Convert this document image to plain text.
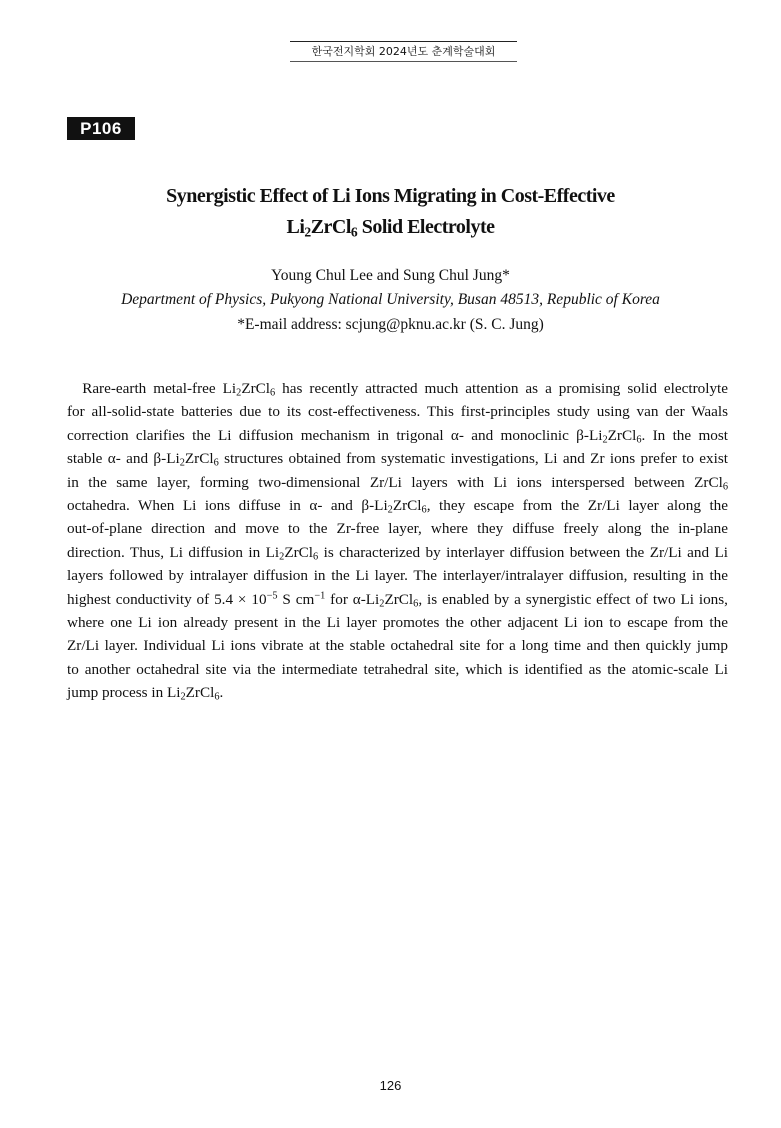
한국전지학회 2024년도 춘계학술대회
P106
Synergistic Effect of Li Ions Migrating in Cost-Effective
$Li_2ZrCl_6$ Solid Electrolyte
Young Chul Lee and Sung Chul Jung*
Department of Physics, Pukyong National University, Busan 48513, Republic of Korea
*E-mail address: scjung@pknu.ac.kr (S. C. Jung)
 Rare-earth metal-free $Li_2ZrCl_6$ has recently attracted much attention as a promising solid electrolyte
for all-solid-state batteries due to its cost-effectiveness. This first-principles study using van der Waals
correction clarifies the Li diffusion mechanism in trigonal α- and monoclinic $\beta-Li_2ZrCl_6$. In the most
stable α- and $\beta-Li_2ZrCl_6$ structures obtained from systematic investigations, Li and Zr ions prefer to exist
in the same layer, forming two-dimensional Zr/Li layers with Li ions interspersed between ZrCl$_6$
octahedra. When Li ions diffuse in α- and $\beta-Li_2ZrCl_6$, they escape from the Zr/Li layer along the
out-of-plane direction and move to the Zr-free layer, where they diffuse freely along the in-plane
direction. Thus, Li diffusion in $Li_2ZrCl_6$ is characterized by interlayer diffusion between the Zr/Li and Li
layers followed by intralayer diffusion in the Li layer. The interlayer/intralayer diffusion, resulting in the
highest conductivity of $5.4 \times 10^{-5}$ S $cm^{-1}$ for $\alpha-Li_2ZrCl_6$, is enabled by a synergistic effect of two Li ions,
where one Li ion already present in the Li layer promotes the other adjacent Li ion to escape from the
Zr/Li layer. Individual Li ions vibrate at the stable octahedral site for a long time and then quickly jump
to another octahedral site via the intermediate tetrahedral site, which is identified as the atomic-scale Li
jump process in $Li_2ZrCl_6$.
126
